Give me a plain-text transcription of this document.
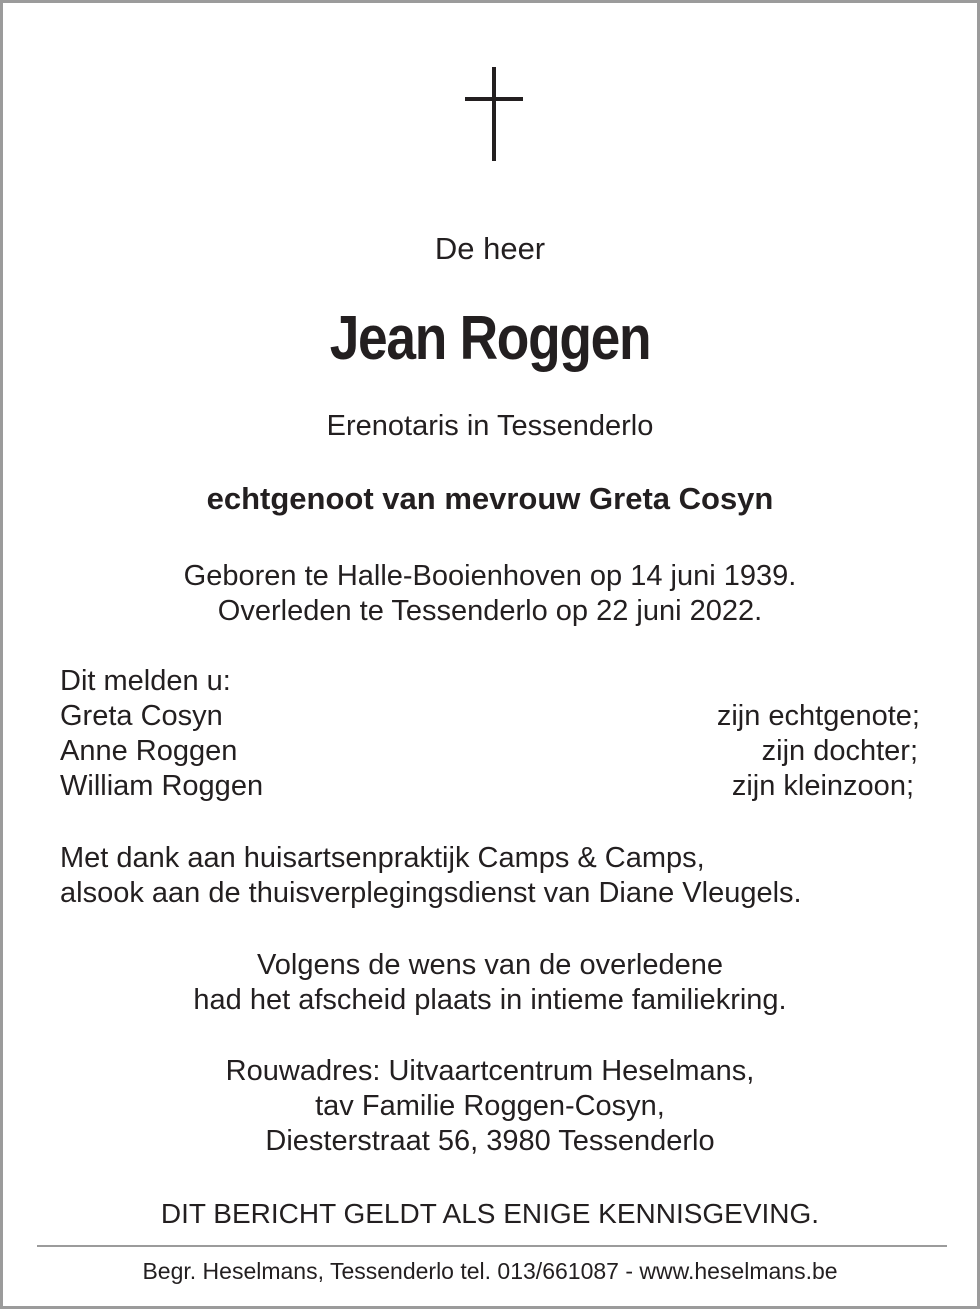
De heer
Jean Roggen
Erenotaris in Tessenderlo
echtgenoot van mevrouw Greta Cosyn
Geboren te Halle-Booienhoven op 14 juni 1939.
Overleden te Tessenderlo op 22 juni 2022.
Dit melden u:
Greta Cosyn	zijn echtgenote;
Anne Roggen	zijn dochter;
William Roggen	zijn kleinzoon;
Met dank aan huisartsenpraktijk Camps & Camps,
alsook aan de thuisverplegingsdienst van Diane Vleugels.
Volgens de wens van de overledene
had het afscheid plaats in intieme familiekring.
Rouwadres: Uitvaartcentrum Heselmans,
tav Familie Roggen-Cosyn,
Diesterstraat 56, 3980 Tessenderlo
DIT BERICHT GELDT ALS ENIGE KENNISGEVING.
Begr. Heselmans, Tessenderlo tel. 013/661087 - www.heselmans.be
